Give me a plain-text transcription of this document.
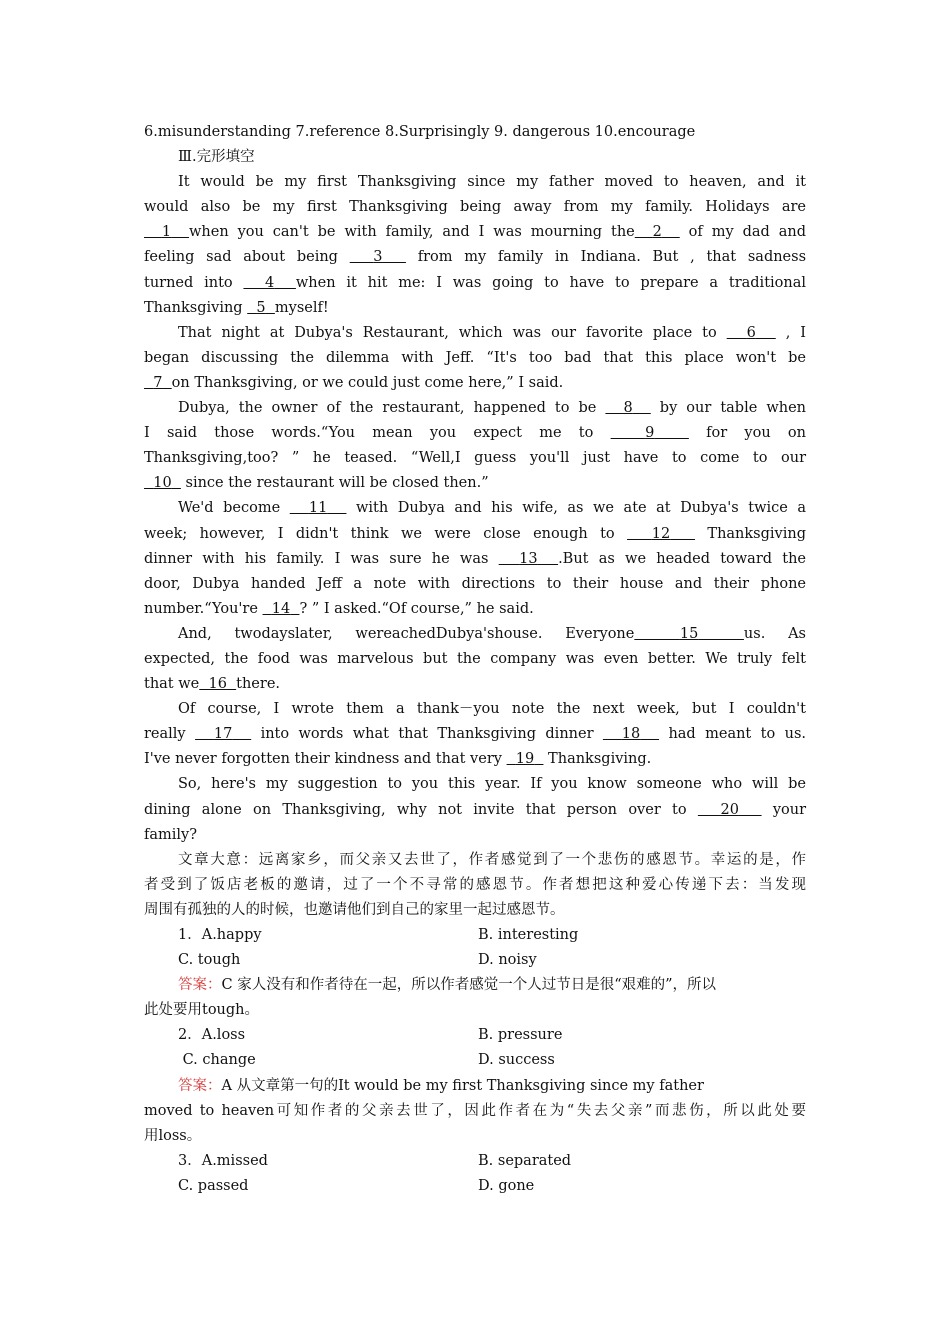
6.misunderstanding 7.reference 8.Surprisingly 9. dangerous 10.encourage
Ⅲ.完形填空
It would be my first Thanksgiving since my father moved to heaven, and it
would also be my first Thanksgiving being away from my family. Holidays are
1 when you can't be with family, and I was mourning the 2   of my dad and
feeling sad about being   3   from my family in Indiana. But , that sadness
turned into   4 when it hit me: I was going to have to prepare a traditional
Thanksgiving   5 myself!
That night at Dubya's Restaurant, which was our favorite place to   6   , I
began discussing the dilemma with Jeff. “It's too bad that this place won't be
7 on Thanksgiving, or we could just come here,” I said.
Dubya, the owner of the restaurant, happened to be   8   by our table when
I said those words.“You mean you expect me to   9   for you on
Thanksgiving,too? ” he teased. “Well,I guess you'll just have to come to our
10   since the restaurant will be closed then.”
We'd become   11   with Dubya and his wife, as we ate at Dubya's twice a
week; however, I didn't think we were close enough to   12   Thanksgiving
dinner with his family. I was sure he was   13 .But as we headed toward the
door, Dubya handed Jeff a note with directions to their house and their phone
number.“You're   14 ? ” I asked.“Of course,” he said.
And, twodayslater, wereachedDubya'shouse. Everyone	15	us. As
expected, the food was marvelous but the company was even better. We truly felt
that we 16 there.
Of course, I wrote them a thank－you note the next week, but I couldn't
really   17   into words what that Thanksgiving dinner   18   had meant to us.
I've never forgotten their kindness and that very   19   Thanksgiving.
So, here's my suggestion to you this year. If you know someone who will be
dining alone on Thanksgiving, why not invite that person over to   20   your
family?
文章大意：远离家乡，而父亲又去世了，作者感觉到了一个悲伤的感恩节。幸运的是，作
者受到了饭店老板的邀请，过了一个不寻常的感恩节。作者想把这种爱心传递下去：当发现
周围有孤独的人的时候，也邀请他们到自己的家里一起过感恩节。
1．A.happy	B. interesting
C. tough	D. noisy
答案：C 家人没有和作者待在一起，所以作者感觉一个人过节日是很“艰难的”，所以
此处要用tough。
2．A.loss	B. pressure
C. change	D. success
答案：A 从文章第一句的It would be my first Thanksgiving since my father
moved to heaven可知作者的父亲去世了，因此作者在为“失去父亲”而悲伤，所以此处要
用loss。
3．A.missed	B. separated
C. passed	D. gone
